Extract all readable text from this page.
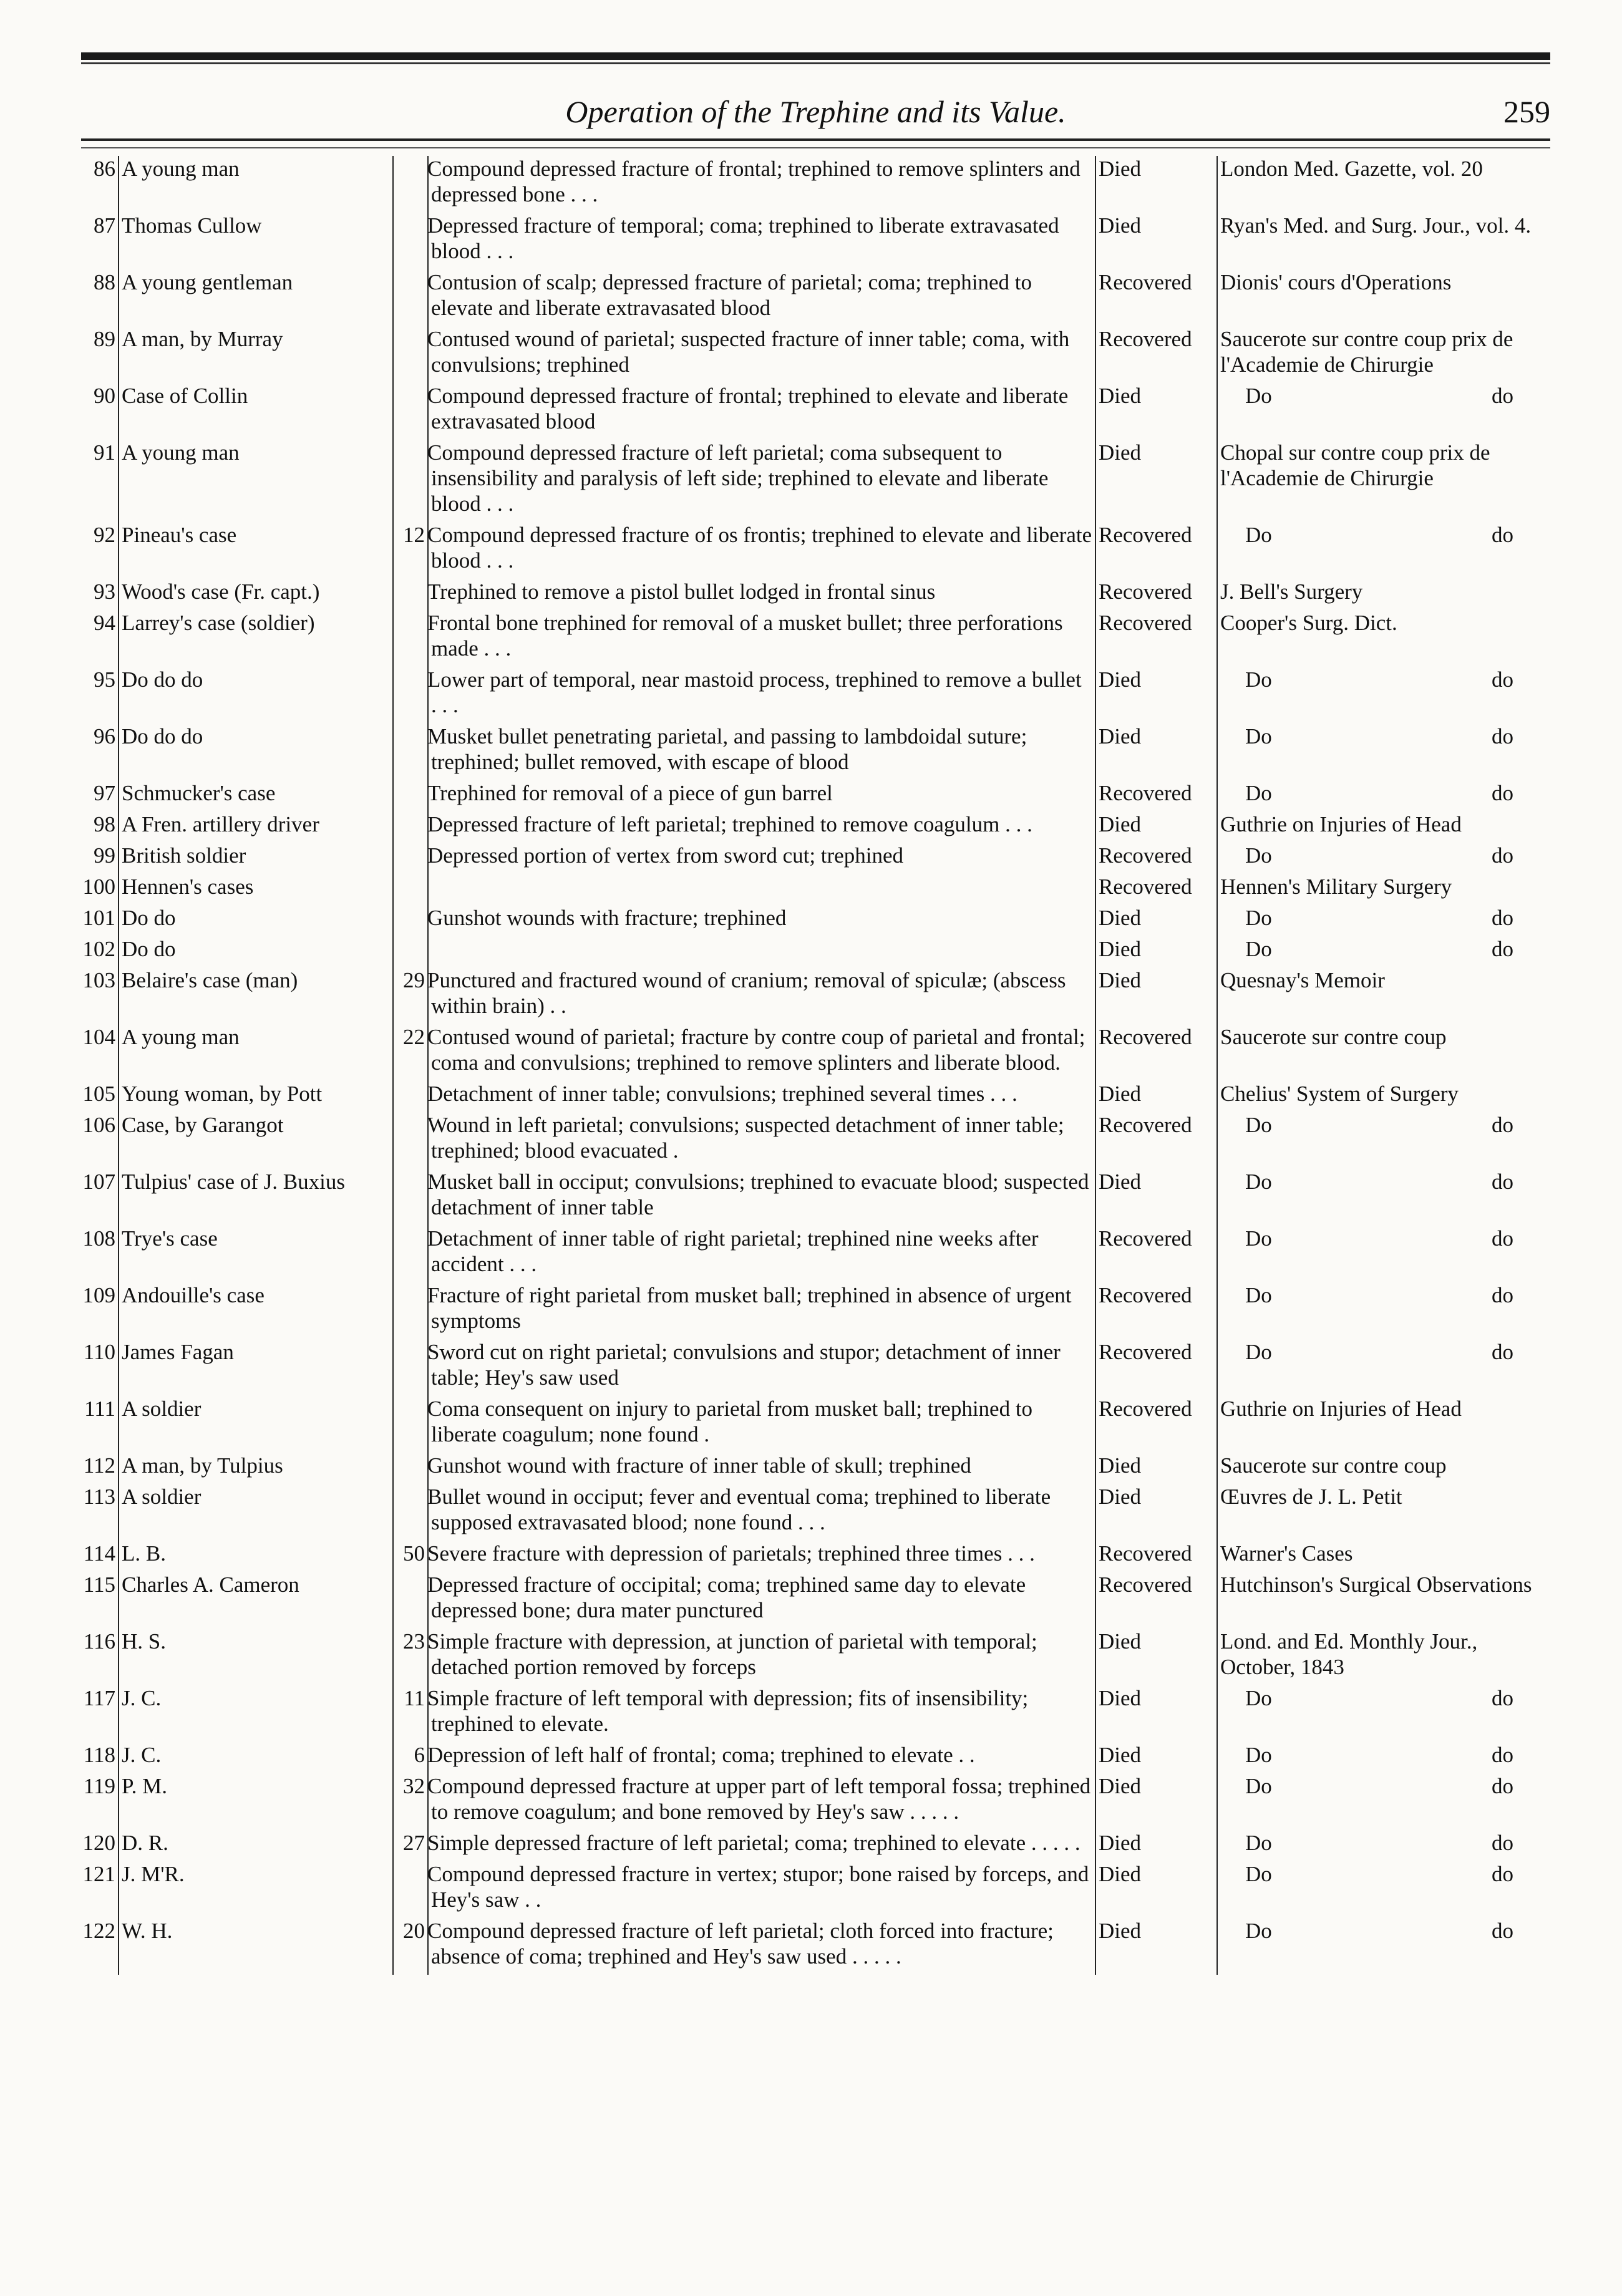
Operation of the Trephine and its Value.	259
86	A young man		Compound depressed fracture of frontal; trephined to remove splinters and depressed bone . . .	Died	London Med. Gazette, vol. 20
87	Thomas Cullow		Depressed fracture of temporal; coma; trephined to liberate extravasated blood . . .	Died	Ryan's Med. and Surg. Jour., vol. 4.
88	A young gentleman		Contusion of scalp; depressed fracture of parietal; coma; trephined to elevate and liberate extravasated blood	Recovered	Dionis' cours d'Operations
89	A man, by Murray		Contused wound of parietal; suspected fracture of inner table; coma, with convulsions; trephined	Recovered	Saucerote sur contre coup prix de l'Academie de Chirurgie
90	Case of Collin		Compound depressed fracture of frontal; trephined to elevate and liberate extravasated blood	Died	Do do

91	A young man		Compound depressed fracture of left parietal; coma subsequent to insensibility and paralysis of left side; trephined to elevate and liberate blood . . .	Died	Chopal sur contre coup prix de l'Academie de Chirurgie
92	Pineau's case	12	Compound depressed fracture of os frontis; trephined to elevate and liberate blood . . .	Recovered	Do do

93	Wood's case (Fr. capt.)		Trephined to remove a pistol bullet lodged in frontal sinus	Recovered	J. Bell's Surgery
94	Larrey's case (soldier)		Frontal bone trephined for removal of a musket bullet; three perforations made . . .	Recovered	Cooper's Surg. Dict.
95	Do do do		Lower part of temporal, near mastoid process, trephined to remove a bullet . . .	Died	Do do

96	Do do do		Musket bullet penetrating parietal, and passing to lambdoidal suture; trephined; bullet removed, with escape of blood	Died	Do do

97	Schmucker's case		Trephined for removal of a piece of gun barrel	Recovered	Do do

98	A Fren. artillery driver		Depressed fracture of left parietal; trephined to remove coagulum . . .	Died	Guthrie on Injuries of Head
99	British soldier		Depressed portion of vertex from sword cut; trephined	Recovered	Do do

100	Hennen's cases			Recovered	Hennen's Military Surgery
101	Do do		Gunshot wounds with fracture; trephined	Died	Do do

102	Do do			Died	Do do

103	Belaire's case (man)	29	Punctured and fractured wound of cranium; removal of spiculæ; (abscess within brain) . .	Died	Quesnay's Memoir
104	A young man	22	Contused wound of parietal; fracture by contre coup of parietal and frontal; coma and convulsions; trephined to remove splinters and liberate blood.	Recovered	Saucerote sur contre coup
105	Young woman, by Pott		Detachment of inner table; convulsions; trephined several times . . .	Died	Chelius' System of Surgery
106	Case, by Garangot		Wound in left parietal; convulsions; suspected detachment of inner table; trephined; blood evacuated .	Recovered	Do do

107	Tulpius' case of J. Buxius		Musket ball in occiput; convulsions; trephined to evacuate blood; suspected detachment of inner table	Died	Do do

108	Trye's case		Detachment of inner table of right parietal; trephined nine weeks after accident . . .	Recovered	Do do

109	Andouille's case		Fracture of right parietal from musket ball; trephined in absence of urgent symptoms	Recovered	Do do

110	James Fagan		Sword cut on right parietal; convulsions and stupor; detachment of inner table; Hey's saw used	Recovered	Do do

111	A soldier		Coma consequent on injury to parietal from musket ball; trephined to liberate coagulum; none found .	Recovered	Guthrie on Injuries of Head
112	A man, by Tulpius		Gunshot wound with fracture of inner table of skull; trephined	Died	Saucerote sur contre coup
113	A soldier		Bullet wound in occiput; fever and eventual coma; trephined to liberate supposed extravasated blood; none found . . .	Died	Œuvres de J. L. Petit
114	L. B.	50	Severe fracture with depression of parietals; trephined three times . . .	Recovered	Warner's Cases
115	Charles A. Cameron		Depressed fracture of occipital; coma; trephined same day to elevate depressed bone; dura mater punctured	Recovered	Hutchinson's Surgical Observations
116	H. S.	23	Simple fracture with depression, at junction of parietal with temporal; detached portion removed by forceps	Died	Lond. and Ed. Monthly Jour., October, 1843
117	J. C.	11	Simple fracture of left temporal with depression; fits of insensibility; trephined to elevate.	Died	Do do

118	J. C.	6	Depression of left half of frontal; coma; trephined to elevate . .	Died	Do do

119	P. M.	32	Compound depressed fracture at upper part of left temporal fossa; trephined to remove coagulum; and bone removed by Hey's saw . . . . .	Died	Do do

120	D. R.	27	Simple depressed fracture of left parietal; coma; trephined to elevate . . . . .	Died	Do do

121	J. M'R.		Compound depressed fracture in vertex; stupor; bone raised by forceps, and Hey's saw . .	Died	Do do

122	W. H.	20	Compound depressed fracture of left parietal; cloth forced into fracture; absence of coma; trephined and Hey's saw used . . . . .	Died	Do do
